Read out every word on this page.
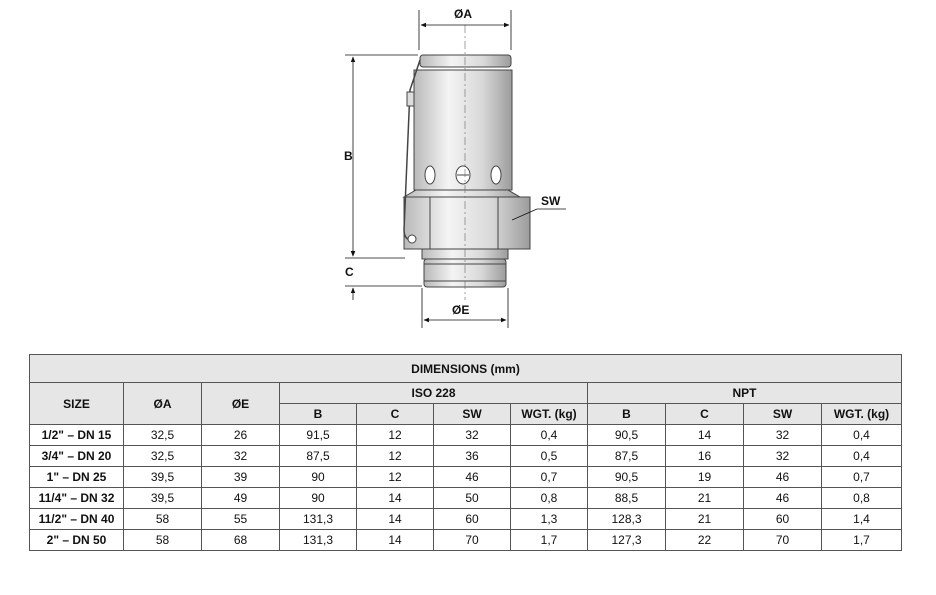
ØA
B
C
ØE
SW
DIMENSIONS (mm)										
SIZE	ØA	ØE	ISO 228				NPT			
			B	C	SW	WGT. (kg)	B	C	SW	WGT. (kg)
1/2" – DN 15	32,5	26	91,5	12	32	0,4	90,5	14	32	0,4
3/4" – DN 20	32,5	32	87,5	12	36	0,5	87,5	16	32	0,4
1" – DN 25	39,5	39	90	12	46	0,7	90,5	19	46	0,7
11/4" – DN 32	39,5	49	90	14	50	0,8	88,5	21	46	0,8
11/2" – DN 40	58	55	131,3	14	60	1,3	128,3	21	60	1,4
2" – DN 50	58	68	131,3	14	70	1,7	127,3	22	70	1,7
